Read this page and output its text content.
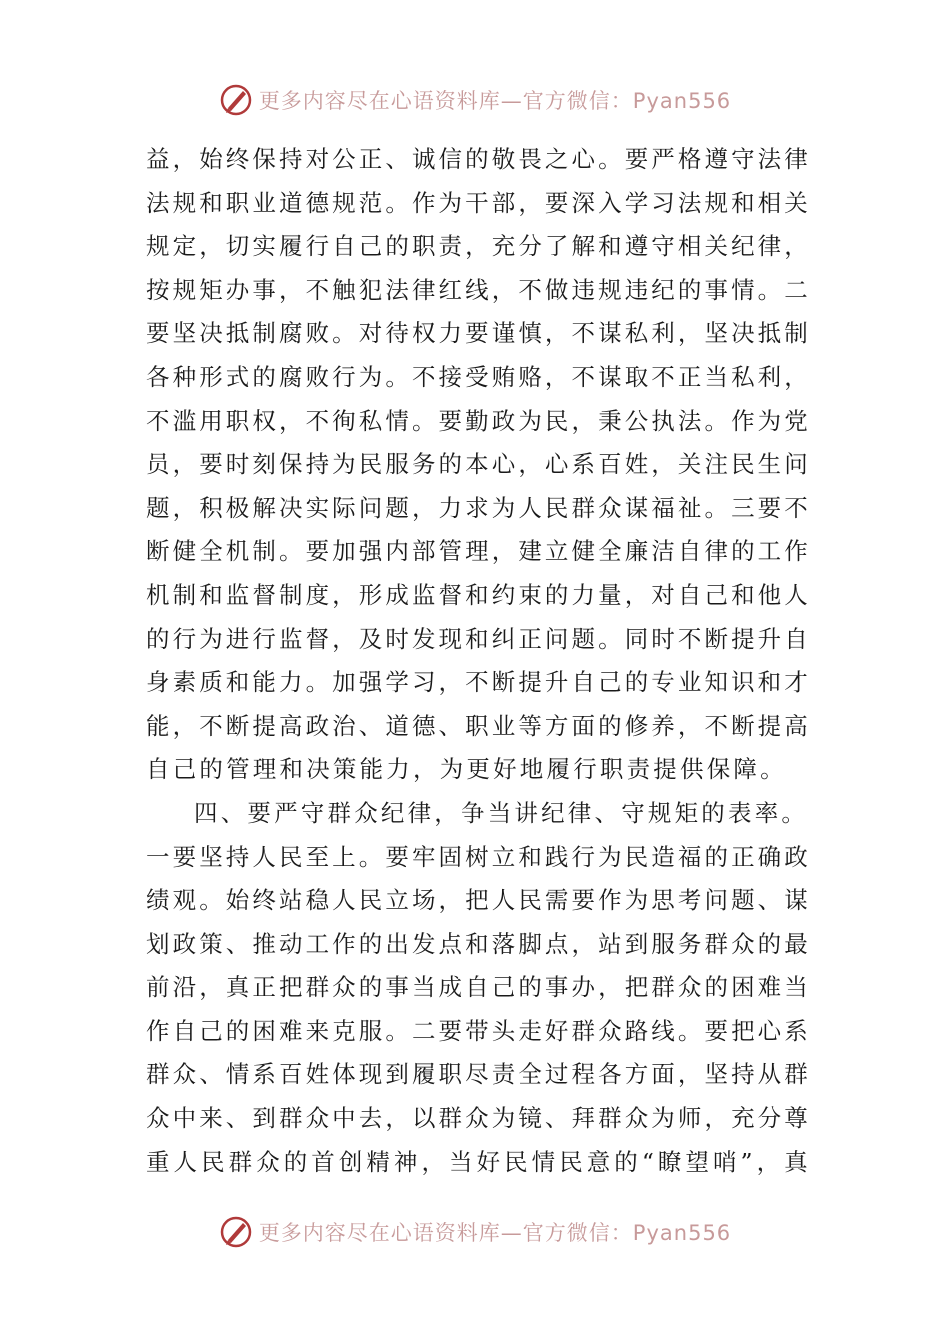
更多内容尽在心语资料库—官方微信：Pyan556
益 ， 始 终 保 持 对 公 正 、 诚 信 的 敬 畏 之 心 。 要 严 格 遵 守 法 律
法 规 和 职 业 道 德 规 范 。 作 为 干 部 ， 要 深 入 学 习 法 规 和 相 关
规 定 ， 切 实 履 行 自 己 的 职 责 ， 充 分 了 解 和 遵 守 相 关 纪 律 ，
按 规 矩 办 事 ， 不 触 犯 法 律 红 线 ， 不 做 违 规 违 纪 的 事 情 。 二
要 坚 决 抵 制 腐 败 。 对 待 权 力 要 谨 慎 ， 不 谋 私 利 ， 坚 决 抵 制
各 种 形 式 的 腐 败 行 为 。 不 接 受 贿 赂 ， 不 谋 取 不 正 当 私 利 ，
不 滥 用 职 权 ， 不 徇 私 情 。 要 勤 政 为 民 ， 秉 公 执 法 。 作 为 党
员 ， 要 时 刻 保 持 为 民 服 务 的 本 心 ， 心 系 百 姓 ， 关 注 民 生 问
题 ， 积 极 解 决 实 际 问 题 ， 力 求 为 人 民 群 众 谋 福 祉 。 三 要 不
断 健 全 机 制 。 要 加 强 内 部 管 理 ， 建 立 健 全 廉 洁 自 律 的 工 作
机 制 和 监 督 制 度 ， 形 成 监 督 和 约 束 的 力 量 ， 对 自 己 和 他 人
的 行 为 进 行 监 督 ， 及 时 发 现 和 纠 正 问 题 。 同 时 不 断 提 升 自
身 素 质 和 能 力 。 加 强 学 习 ， 不 断 提 升 自 己 的 专 业 知 识 和 才
能 ， 不 断 提 高 政 治 、 道 德 、 职 业 等 方 面 的 修 养 ， 不 断 提 高
自己的管理和决策能力，为更好地履行职责提供保障。
四、要严守群众纪律，争当讲纪律、守规矩的表率。
一 要 坚 持 人 民 至 上 。 要 牢 固 树 立 和 践 行 为 民 造 福 的 正 确 政
绩 观 。 始 终 站 稳 人 民 立 场 ， 把 人 民 需 要 作 为 思 考 问 题 、 谋
划 政 策 、 推 动 工 作 的 出 发 点 和 落 脚 点 ， 站 到 服 务 群 众 的 最
前 沿 ， 真 正 把 群 众 的 事 当 成 自 己 的 事 办 ， 把 群 众 的 困 难 当
作 自 己 的 困 难 来 克 服 。 二 要 带 头 走 好 群 众 路 线 。 要 把 心 系
群 众 、 情 系 百 姓 体 现 到 履 职 尽 责 全 过 程 各 方 面 ， 坚 持 从 群
众 中 来 、 到 群 众 中 去 ， 以 群 众 为 镜 、 拜 群 众 为 师 ， 充 分 尊
重 人 民 群 众 的 首 创 精 神 ， 当 好 民 情 民 意 的 “ 瞭 望 哨 ” ， 真
更多内容尽在心语资料库—官方微信：Pyan556
